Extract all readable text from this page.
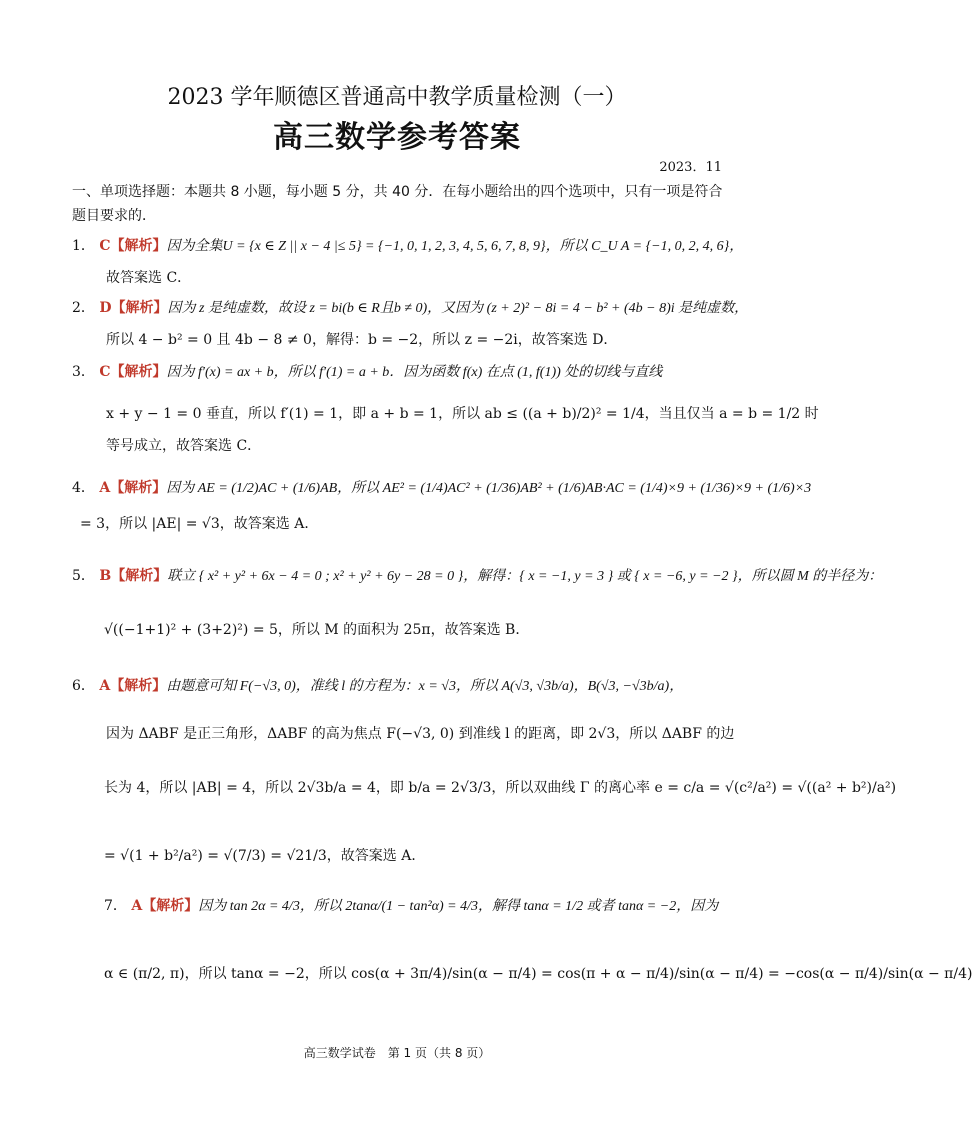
2023 学年顺德区普通高中教学质量检测（一）
高三数学参考答案
2023．11
一、单项选择题：本题共 8 小题，每小题 5 分，共 40 分．在每小题给出的四个选项中，只有一项是符合题目要求的．
1． C【解析】因为全集U = {x ∈ Z || x − 4 |≤ 5} = {−1, 0, 1, 2, 3, 4, 5, 6, 7, 8, 9}，所以 C_U A = {−1, 0, 2, 4, 6}，
故答案选 C．
2． D【解析】因为 z 是纯虚数，故设 z = bi(b ∈ R且b ≠ 0)，又因为 (z + 2)² − 8i = 4 − b² + (4b − 8)i 是纯虚数，
所以 4 − b² = 0 且 4b − 8 ≠ 0，解得：b = −2，所以 z = −2i，故答案选 D．
3． C【解析】因为 f′(x) = ax + b，所以 f′(1) = a + b．因为函数 f(x) 在点 (1, f(1)) 处的切线与直线
x + y − 1 = 0 垂直，所以 f′(1) = 1，即 a + b = 1，所以 ab ≤ ((a + b)/2)² = 1/4，当且仅当 a = b = 1/2 时
等号成立，故答案选 C．
4． A【解析】因为 AE = (1/2)AC + (1/6)AB，所以 AE² = (1/4)AC² + (1/36)AB² + (1/6)AB·AC = (1/4)×9 + (1/36)×9 + (1/6)×3
= 3，所以 |AE| = √3，故答案选 A．
5． B【解析】联立 { x² + y² + 6x − 4 = 0 ; x² + y² + 6y − 28 = 0 }，解得：{ x = −1, y = 3 } 或 { x = −6, y = −2 }，所以圆 M 的半径为：
√((−1+1)² + (3+2)²) = 5，所以 M 的面积为 25π，故答案选 B．
6． A【解析】由题意可知 F(−√3, 0)，准线 l 的方程为：x = √3，所以 A(√3, √3b/a)，B(√3, −√3b/a)，
因为 ΔABF 是正三角形，ΔABF 的高为焦点 F(−√3, 0) 到准线 l 的距离，即 2√3，所以 ΔABF 的边
长为 4，所以 |AB| = 4，所以 2√3b/a = 4，即 b/a = 2√3/3，所以双曲线 Γ 的离心率 e = c/a = √(c²/a²) = √((a² + b²)/a²)
= √(1 + b²/a²) = √(7/3) = √21/3，故答案选 A．
7． A【解析】因为 tan 2α = 4/3，所以 2tanα/(1 − tan²α) = 4/3，解得 tanα = 1/2 或者 tanα = −2，因为
α ∈ (π/2, π)，所以 tanα = −2，所以 cos(α + 3π/4)/sin(α − π/4) = cos(π + α − π/4)/sin(α − π/4) = −cos(α − π/4)/sin(α − π/4)
高三数学试卷　第 1 页（共 8 页）
